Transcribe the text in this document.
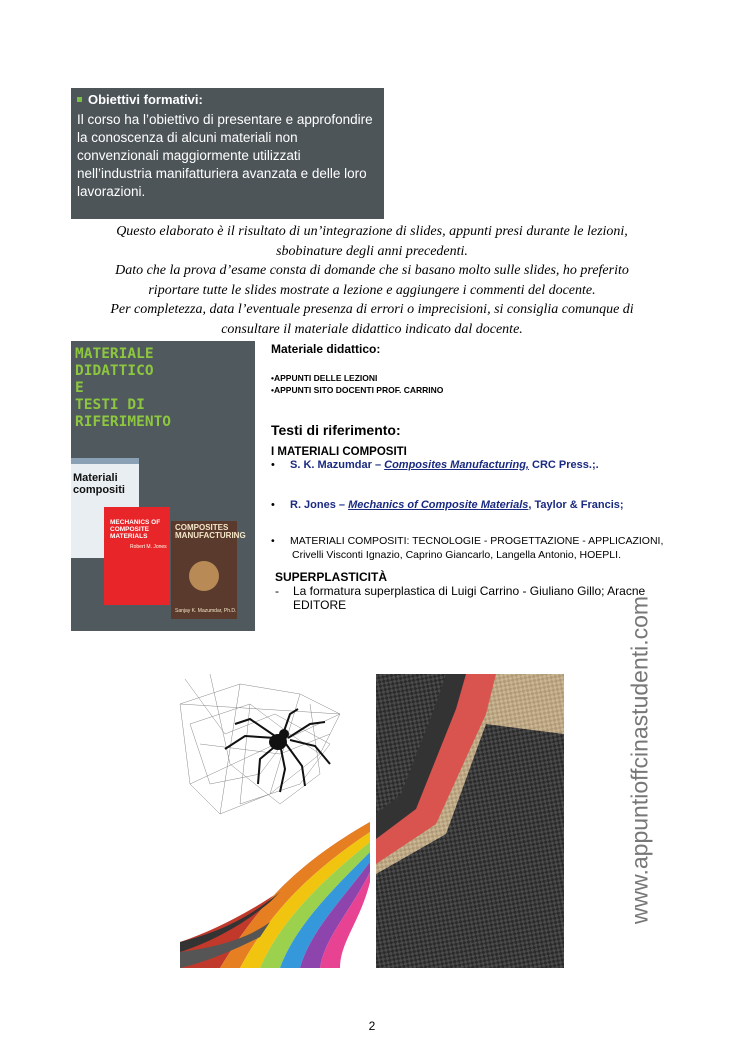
Obiettivi formativi:
Il corso ha l’obiettivo di presentare e approfondire la conoscenza di alcuni materiali non convenzionali maggiormente utilizzati nell’industria manifatturiera avanzata e delle loro lavorazioni.
Questo elaborato è il risultato di un’integrazione di slides, appunti presi durante le lezioni,
sbobinature degli anni precedenti.
Dato che la prova d’esame consta di domande che si basano molto sulle slides, ho preferito
riportare tutte le slides mostrate a lezione e aggiungere i commenti del docente.
Per completezza, data l’eventuale presenza di errori o imprecisioni, si consiglia comunque di
consultare il materiale didattico indicato dal docente.
MATERIALE
DIDATTICO
E
TESTI DI
RIFERIMENTO
Materiali compositi
MECHANICS OF COMPOSITE MATERIALS
Robert M. Jones
COMPOSITES MANUFACTURING
Sanjay K. Mazumdar, Ph.D.
Materiale didattico:
•APPUNTI DELLE LEZIONI
•APPUNTI SITO DOCENTI PROF. CARRINO
Testi di riferimento:
I MATERIALI COMPOSITI
• S. K. Mazumdar – Composites Manufacturing, CRC Press.;.
• R. Jones – Mechanics of Composite Materials, Taylor & Francis;
• MATERIALI COMPOSITI: TECNOLOGIE - PROGETTAZIONE - APPLICAZIONI,
Crivelli Visconti Ignazio, Caprino Giancarlo, Langella Antonio, HOEPLI.
SUPERPLASTICITÀ
- La formatura superplastica di Luigi Carrino - Giuliano Gillo; Aracne
EDITORE	www.appuntioffcinastudenti.com
2
